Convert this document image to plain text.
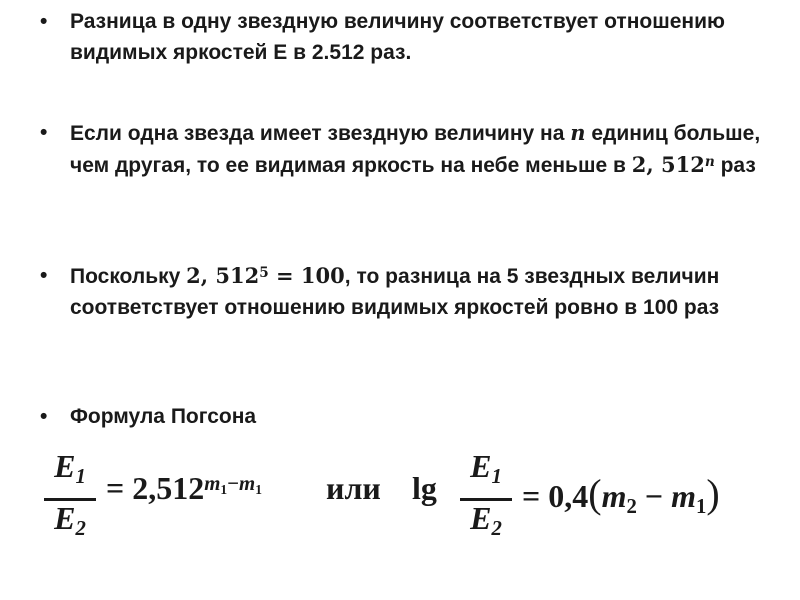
•	Разница в одну звездную величину соответствует отношению видимых яркостей Е в 2.512 раз.
•	Если одна звезда имеет звездную величину на n единиц больше, чем другая, то ее видимая яркость на небе меньше в 2, 512$^n$ раз
•	Поскольку 2, $512^5 = 100$, то разница на 5 звездных величин соответствует отношению видимых яркостей ровно в 100 раз
•	Формула Погсона
$E_1$
$E_2$
= $2,512^{m_1-m_1}$ или lg
$E_1$
$E_2$
= $0,4(m_2 - m_1)$
